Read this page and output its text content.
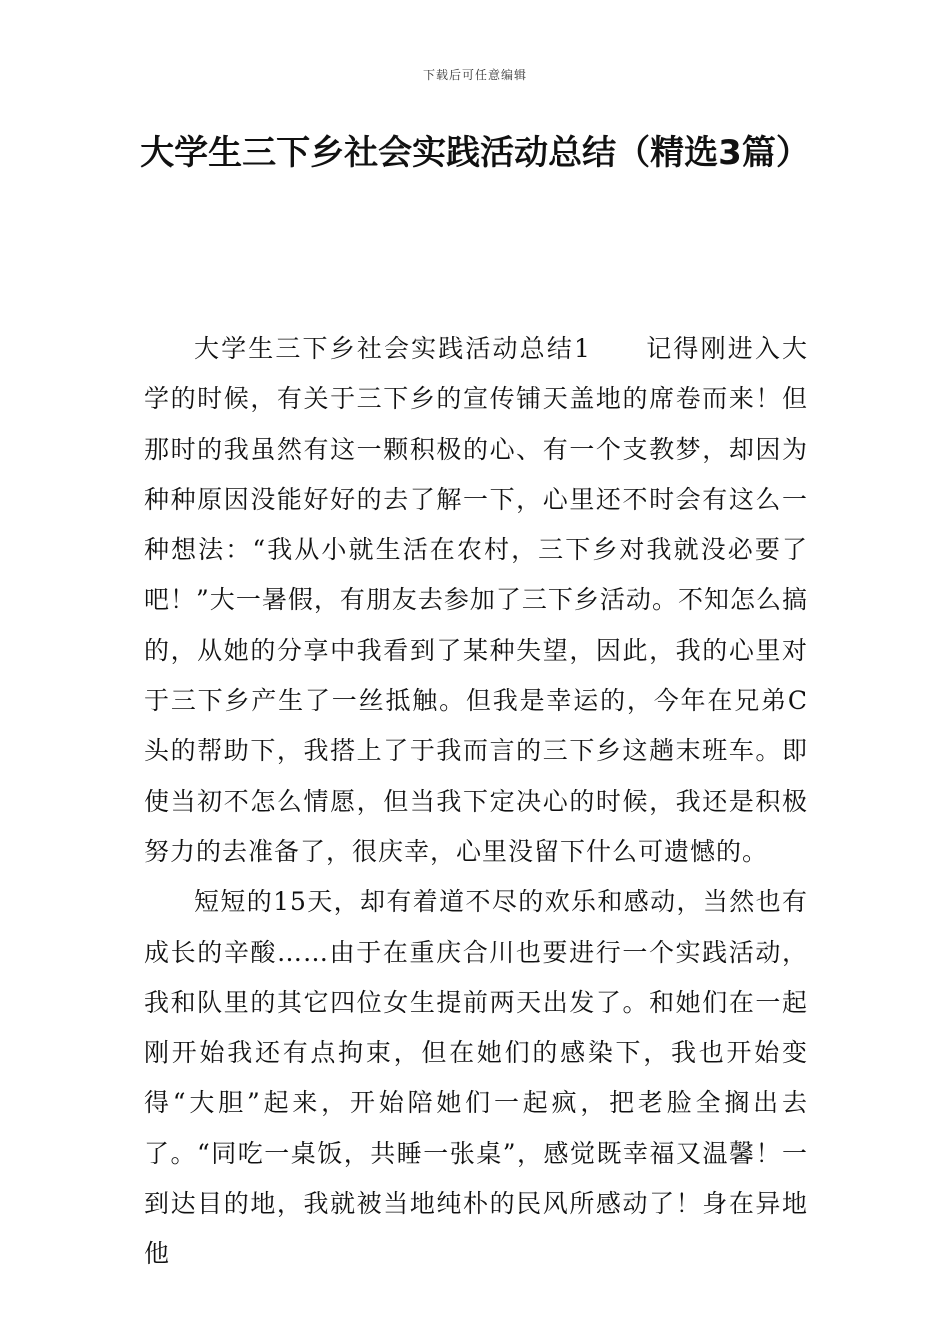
下载后可任意编辑
大学生三下乡社会实践活动总结（精选3篇）

大学生三下乡社会实践活动总结1　　记得刚进入大学的时候，有关于三下乡的宣传铺天盖地的席卷而来！但那时的我虽然有这一颗积极的心、有一个支教梦，却因为种种原因没能好好的去了解一下，心里还不时会有这么一种想法：“我从小就生活在农村，三下乡对我就没必要了吧！”大一暑假，有朋友去参加了三下乡活动。不知怎么搞的，从她的分享中我看到了某种失望，因此，我的心里对于三下乡产生了一丝抵触。但我是幸运的，今年在兄弟C头的帮助下，我搭上了于我而言的三下乡这趟末班车。即使当初不怎么情愿，但当我下定决心的时候，我还是积极努力的去准备了，很庆幸，心里没留下什么可遗憾的。

短短的15天，却有着道不尽的欢乐和感动，当然也有成长的辛酸……由于在重庆合川也要进行一个实践活动，我和队里的其它四位女生提前两天出发了。和她们在一起刚开始我还有点拘束，但在她们的感染下，我也开始变得“大胆”起来，开始陪她们一起疯，把老脸全搁出去了。“同吃一桌饭，共睡一张桌”，感觉既幸福又温馨！一到达目的地，我就被当地纯朴的民风所感动了！身在异地他
